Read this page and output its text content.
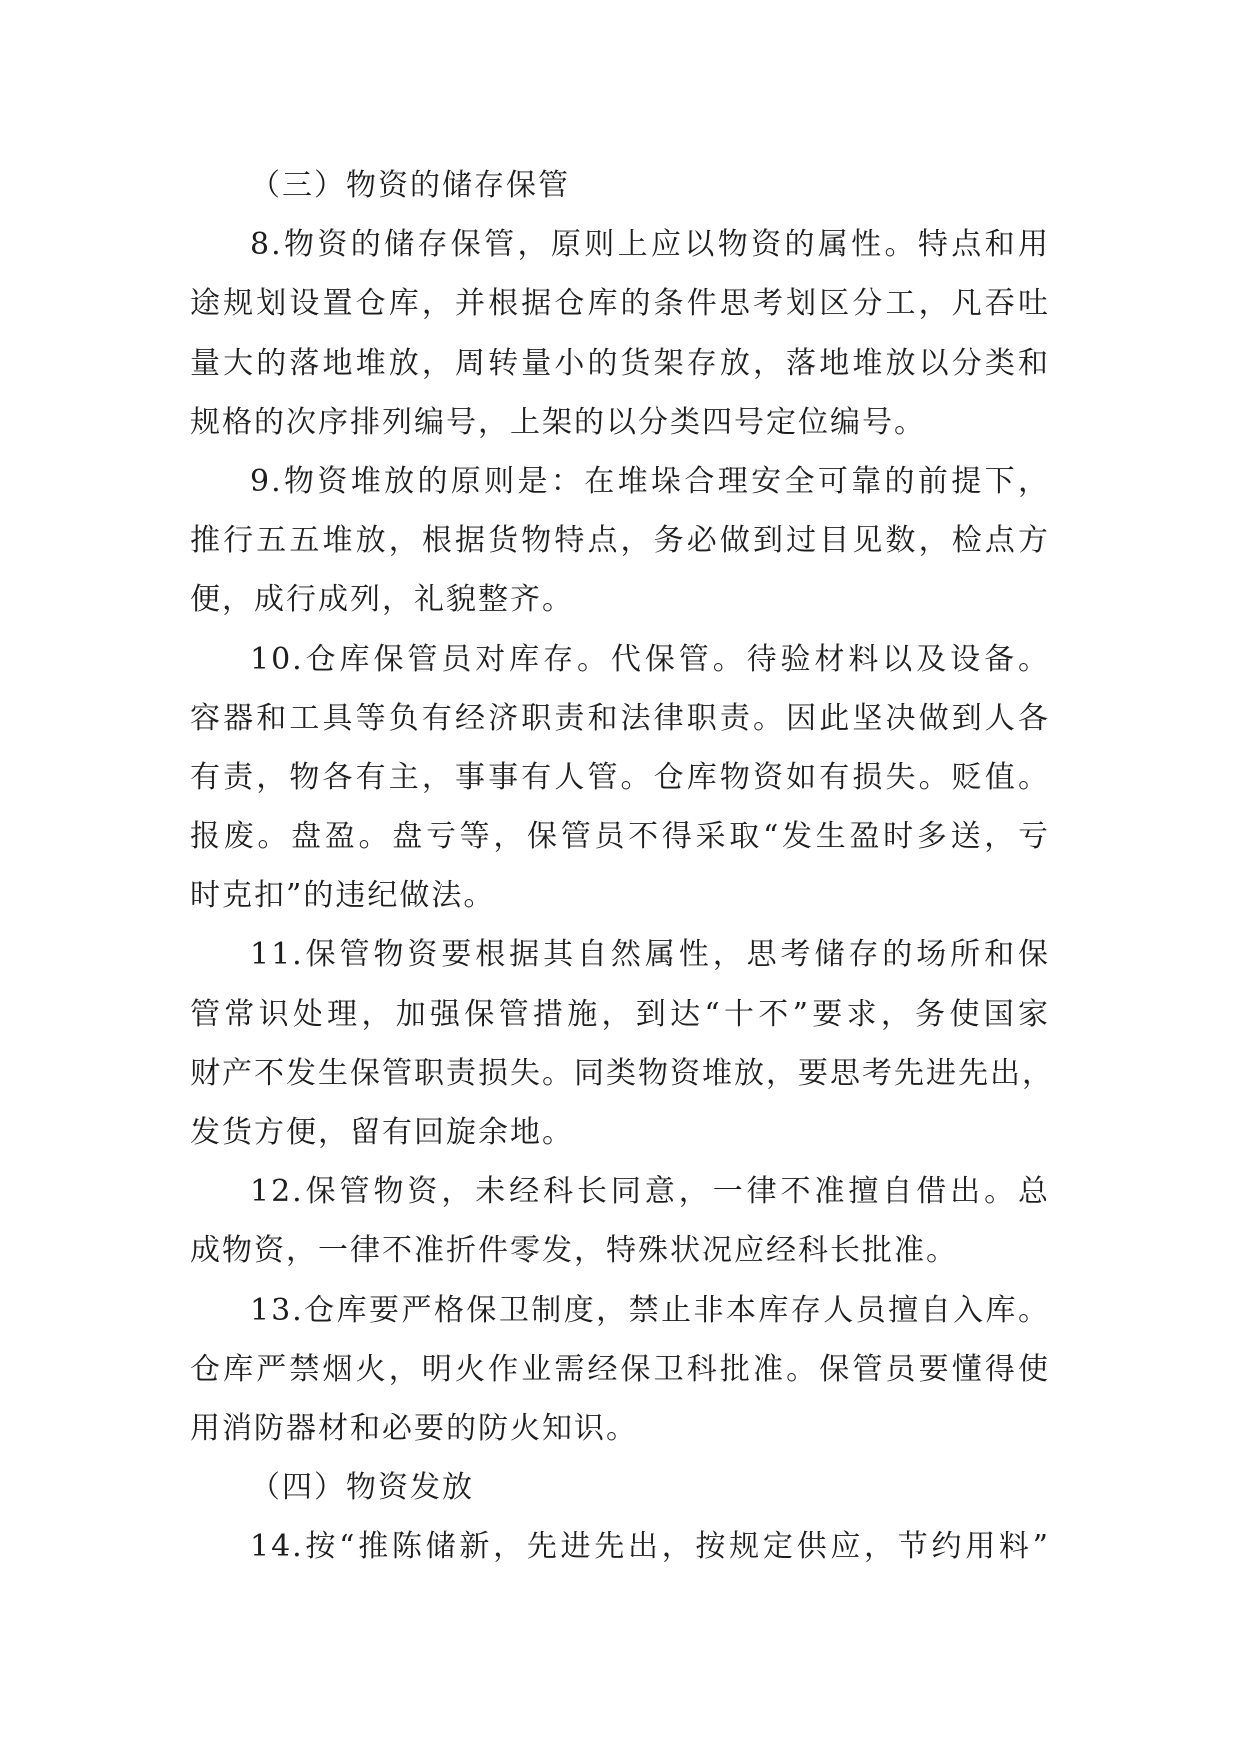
（三）物资的储存保管
8.物资的储存保管，原则上应以物资的属性。特点和用
途规划设置仓库，并根据仓库的条件思考划区分工，凡吞吐
量大的落地堆放，周转量小的货架存放，落地堆放以分类和
规格的次序排列编号，上架的以分类四号定位编号。
9.物资堆放的原则是：在堆垛合理安全可靠的前提下，
推行五五堆放，根据货物特点，务必做到过目见数，检点方
便，成行成列，礼貌整齐。
10.仓库保管员对库存。代保管。待验材料以及设备。
容器和工具等负有经济职责和法律职责。因此坚决做到人各
有责，物各有主，事事有人管。仓库物资如有损失。贬值。
报废。盘盈。盘亏等，保管员不得采取“发生盈时多送，亏
时克扣”的违纪做法。
11.保管物资要根据其自然属性，思考储存的场所和保
管常识处理，加强保管措施，到达“十不”要求，务使国家
财产不发生保管职责损失。同类物资堆放，要思考先进先出，
发货方便，留有回旋余地。
12.保管物资，未经科长同意，一律不准擅自借出。总
成物资，一律不准折件零发，特殊状况应经科长批准。
13.仓库要严格保卫制度，禁止非本库存人员擅自入库。
仓库严禁烟火，明火作业需经保卫科批准。保管员要懂得使
用消防器材和必要的防火知识。
（四）物资发放
14.按“推陈储新，先进先出，按规定供应，节约用料”
